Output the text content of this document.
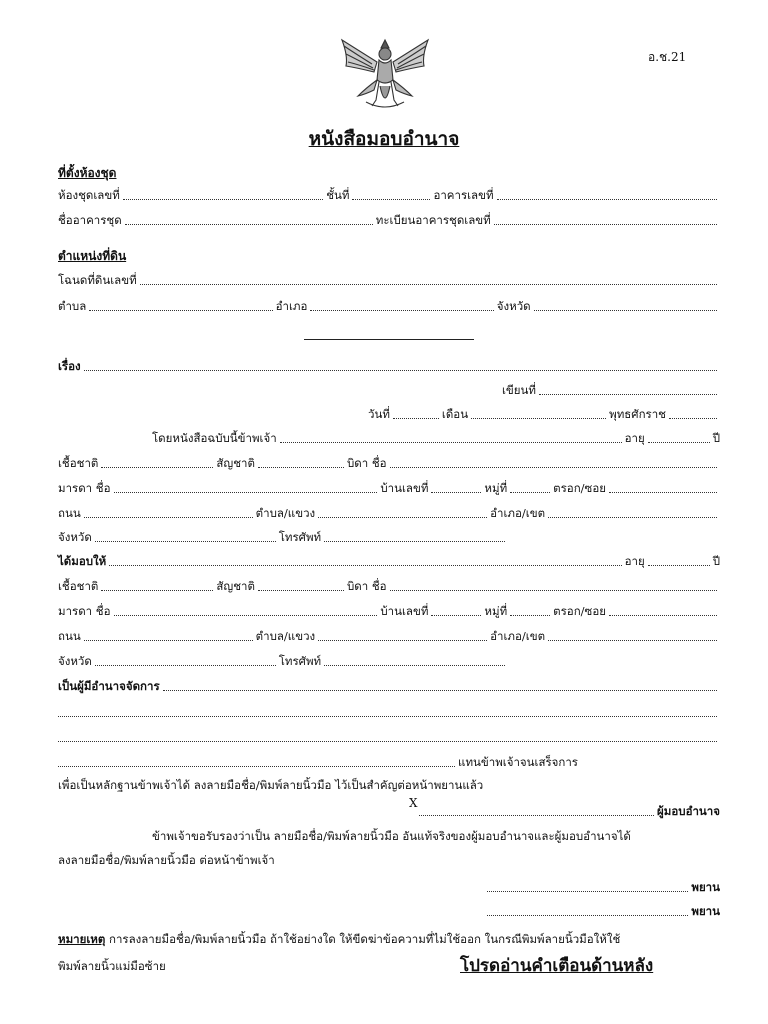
อ.ช.21
หนังสือมอบอำนาจ
ที่ตั้งห้องชุด
ห้องชุดเลขที่	ชั้นที่	อาคารเลขที่
ชื่ออาคารชุด	ทะเบียนอาคารชุดเลขที่
ตำแหน่งที่ดิน
โฉนดที่ดินเลขที่
ตำบล	อำเภอ	จังหวัด
เรื่อง
เขียนที่
วันที่	เดือน	พุทธศักราช
โดยหนังสือฉบับนี้ข้าพเจ้า	อายุ	ปี
เชื้อชาติ	สัญชาติ	บิดา ชื่อ
มารดา ชื่อ	บ้านเลขที่	หมู่ที่	ตรอก/ซอย
ถนน	ตำบล/แขวง	อำเภอ/เขต
จังหวัด	โทรศัพท์
ได้มอบให้	อายุ	ปี
เชื้อชาติ	สัญชาติ	บิดา ชื่อ
มารดา ชื่อ	บ้านเลขที่	หมู่ที่	ตรอก/ซอย
ถนน	ตำบล/แขวง	อำเภอ/เขต
จังหวัด	โทรศัพท์
เป็นผู้มีอำนาจจัดการ
แทนข้าพเจ้าจนเสร็จการ
เพื่อเป็นหลักฐานข้าพเจ้าได้ ลงลายมือชื่อ/พิมพ์ลายนิ้วมือ ไว้เป็นสำคัญต่อหน้าพยานแล้ว
X
ผู้มอบอำนาจ
ข้าพเจ้าขอรับรองว่าเป็น ลายมือชื่อ/พิมพ์ลายนิ้วมือ อันแท้จริงของผู้มอบอำนาจและผู้มอบอำนาจได้
ลงลายมือชื่อ/พิมพ์ลายนิ้วมือ ต่อหน้าข้าพเจ้า
พยาน
พยาน
หมายเหตุ การลงลายมือชื่อ/พิมพ์ลายนิ้วมือ ถ้าใช้อย่างใด ให้ขีดฆ่าข้อความที่ไม่ใช้ออก ในกรณีพิมพ์ลายนิ้วมือให้ใช้
พิมพ์ลายนิ้วแม่มือซ้าย	โปรดอ่านคำเตือนด้านหลัง
